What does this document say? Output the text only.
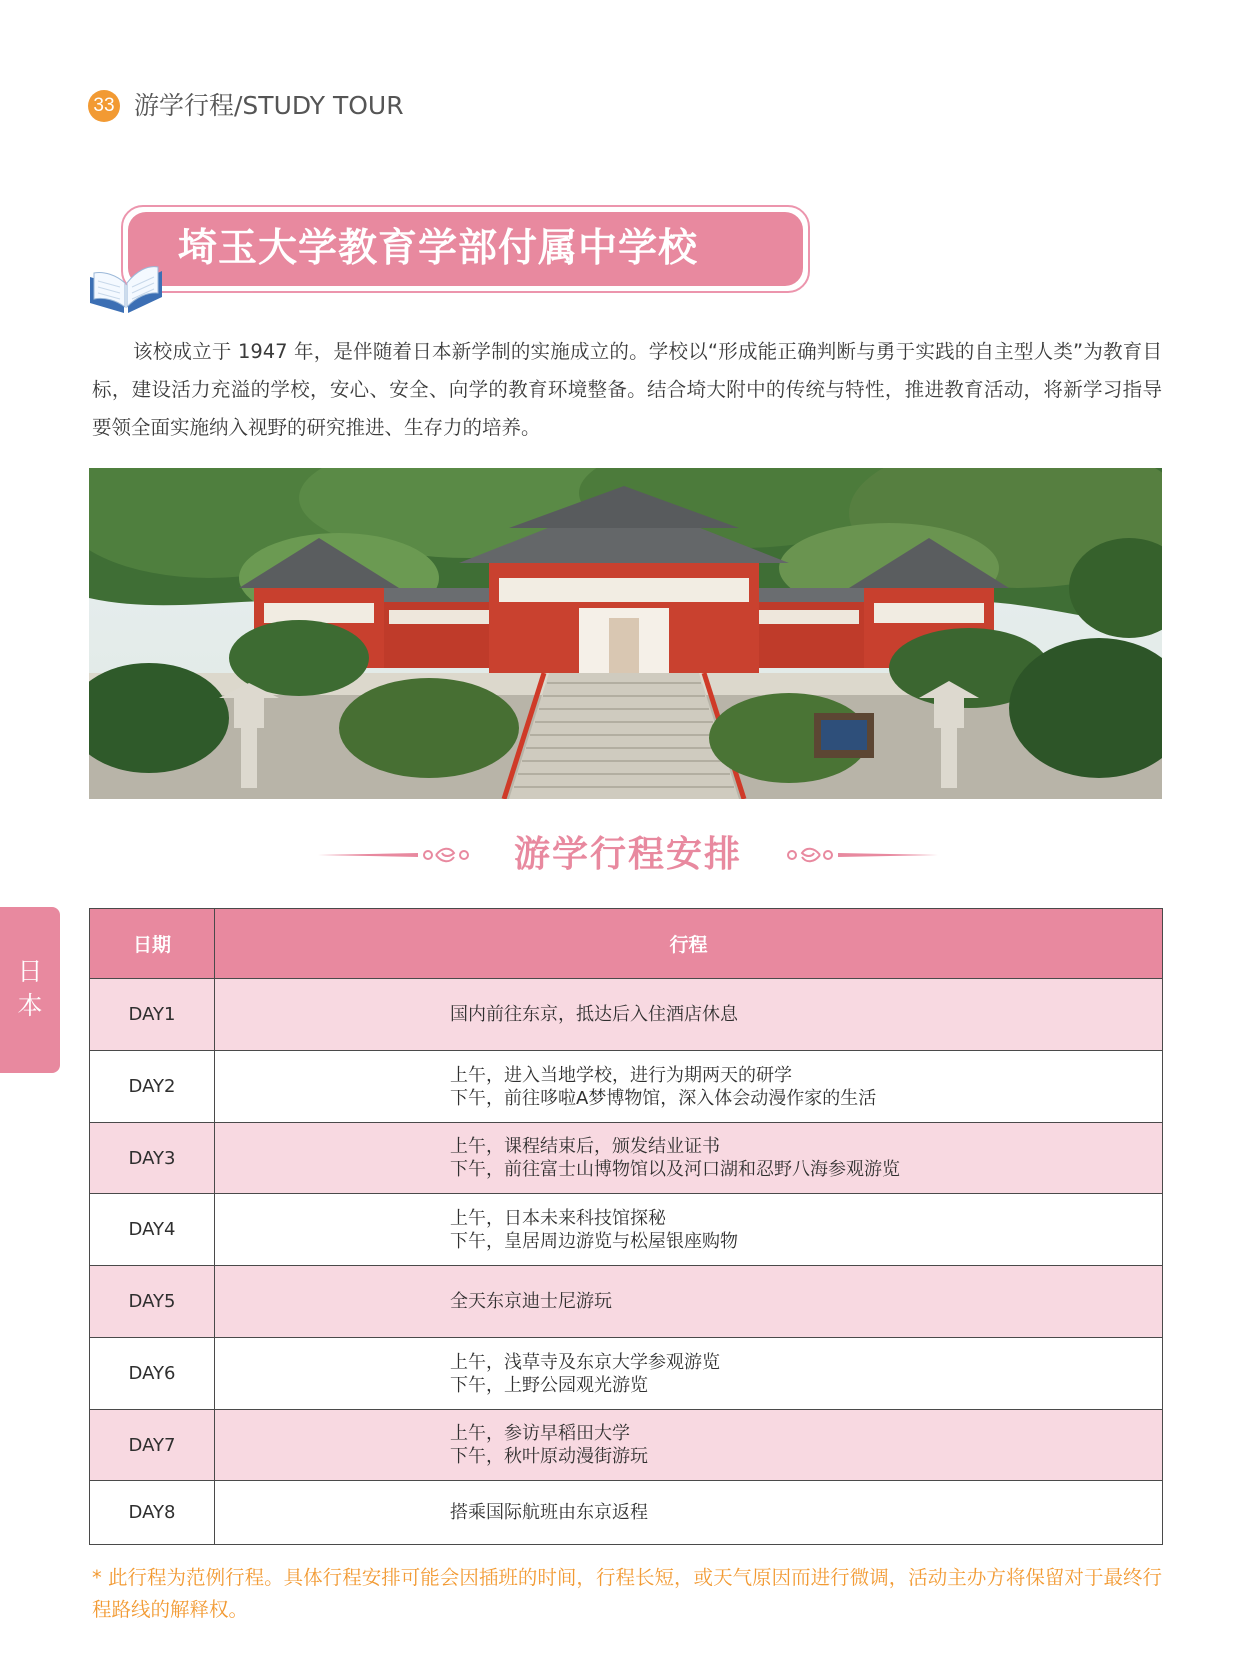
33 游学行程/STUDY TOUR
埼玉大学教育学部付属中学校
该校成立于 1947 年，是伴随着日本新学制的实施成立的。学校以“形成能正确判断与勇于实践的自主型人类”为教育目标，建设活力充溢的学校，安心、安全、向学的教育环境整备。结合埼大附中的传统与特性，推进教育活动，将新学习指导要领全面实施纳入视野的研究推进、生存力的培养。
游学行程安排
日
本
日期	行程
DAY1	国内前往东京，抵达后入住酒店休息

DAY2	上午，进入当地学校，进行为期两天的研学
下午，前往哆啦A梦博物馆，深入体会动漫作家的生活

DAY3	上午，课程结束后，颁发结业证书
下午，前往富士山博物馆以及河口湖和忍野八海参观游览

DAY4	上午，日本未来科技馆探秘
下午，皇居周边游览与松屋银座购物

DAY5	全天东京迪士尼游玩

DAY6	上午，浅草寺及东京大学参观游览
下午，上野公园观光游览

DAY7	上午，参访早稻田大学
下午，秋叶原动漫街游玩

DAY8	搭乘国际航班由东京返程
* 此行程为范例行程。具体行程安排可能会因插班的时间，行程长短，或天气原因而进行微调，活动主办方将保留对于最终行程路线的解释权。
